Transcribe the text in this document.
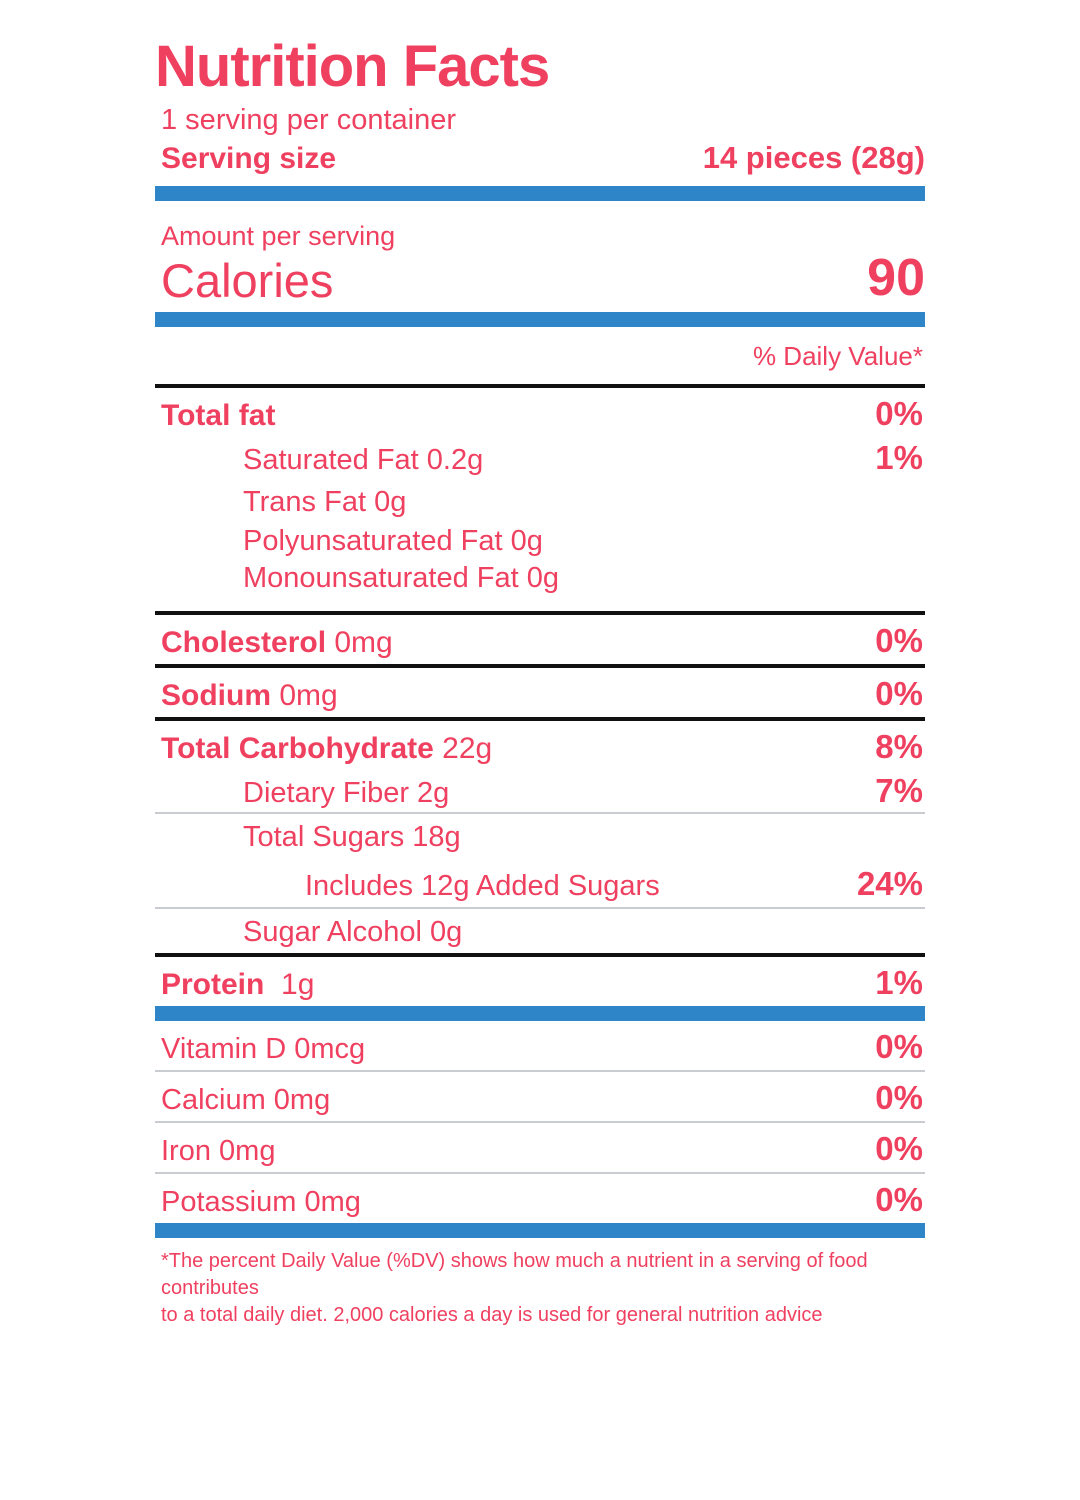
Nutrition Facts
1 serving per container
Serving size	14 pieces (28g)
Amount per serving
Calories	90
% Daily Value*
Total fat	0%
Saturated Fat 0.2g	1%
Trans Fat 0g
Polyunsaturated Fat 0g
Monounsaturated Fat 0g
Cholesterol 0mg	0%
Sodium 0mg	0%
Total Carbohydrate 22g	8%
Dietary Fiber 2g	7%
Total Sugars 18g
Includes 12g Added Sugars	24%
Sugar Alcohol 0g
Protein 1g	1%
Vitamin D 0mcg	0%
Calcium 0mg	0%
Iron 0mg	0%
Potassium 0mg	0%
*The percent Daily Value (%DV) shows how much a nutrient in a serving of food contributes
to a total daily diet. 2,000 calories a day is used for general nutrition advice
